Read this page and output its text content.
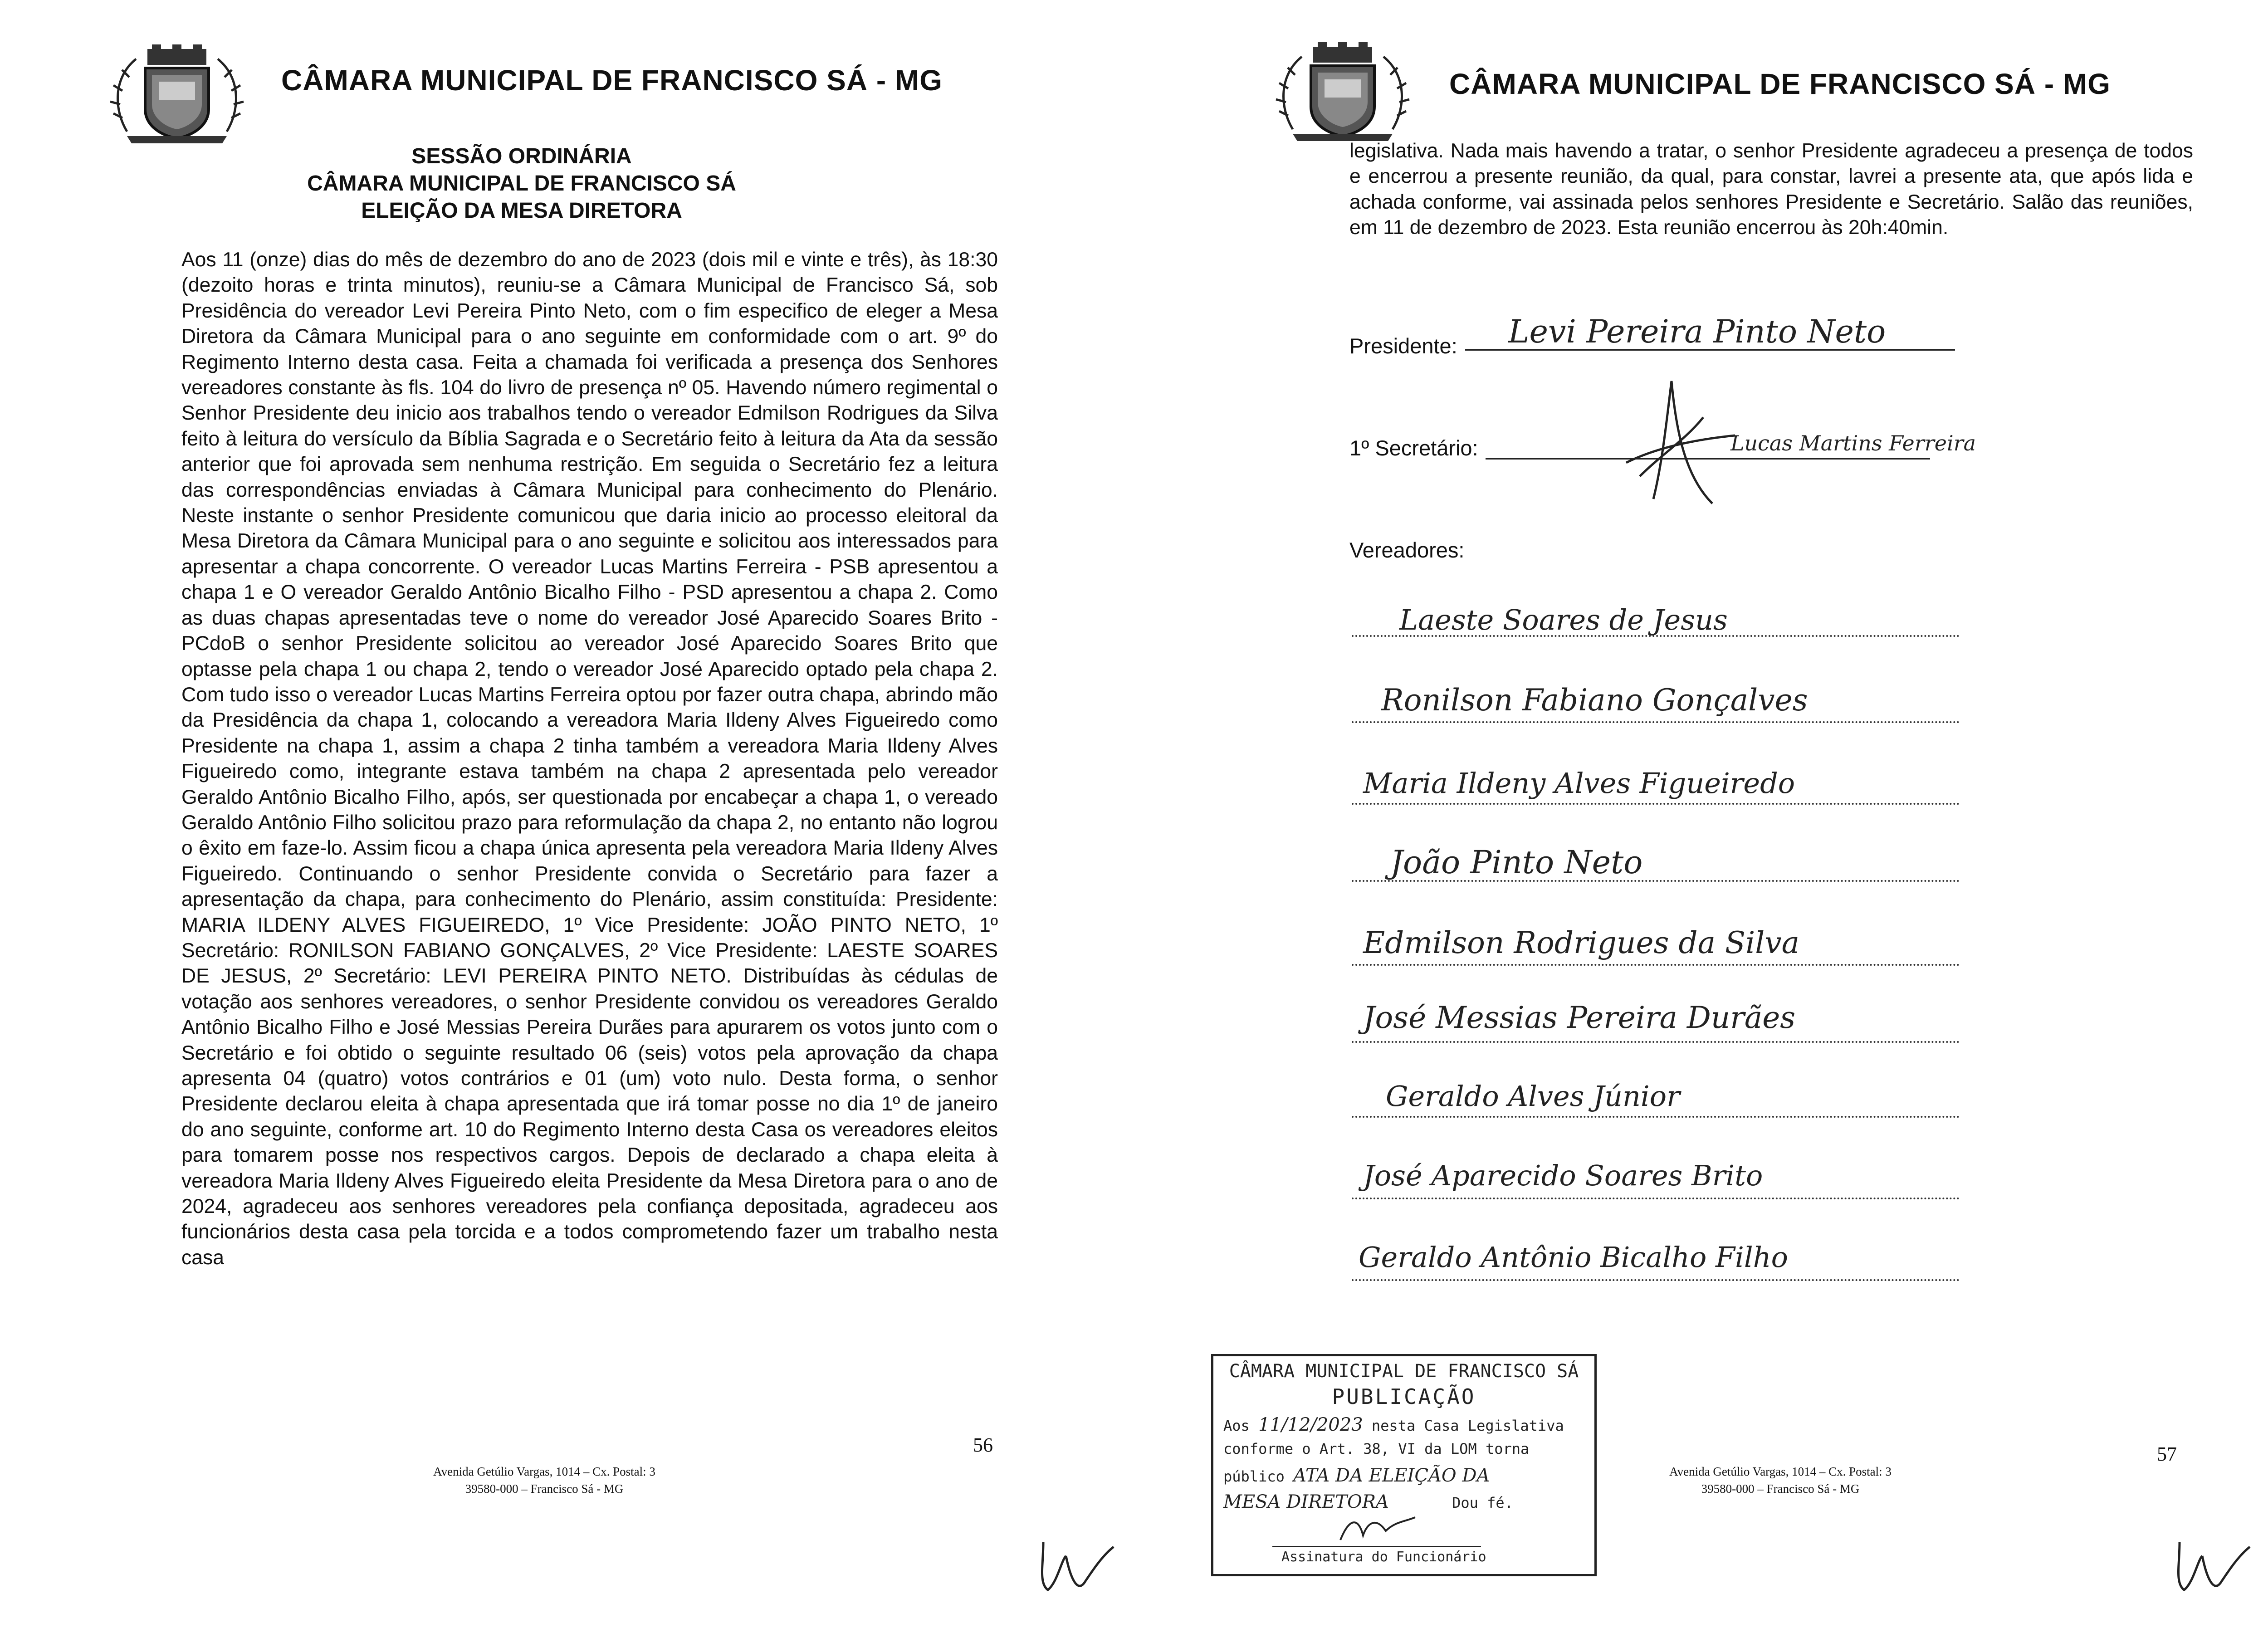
CÂMARA MUNICIPAL DE FRANCISCO SÁ - MG
SESSÃO ORDINÁRIA
CÂMARA MUNICIPAL DE FRANCISCO SÁ
ELEIÇÃO DA MESA DIRETORA
Aos 11 (onze) dias do mês de dezembro do ano de 2023 (dois mil e vinte e três), às 18:30 (dezoito horas e trinta minutos), reuniu-se a Câmara Municipal de Francisco Sá, sob Presidência do vereador Levi Pereira Pinto Neto, com o fim especifico de eleger a Mesa Diretora da Câmara Municipal para o ano seguinte em conformidade com o art. 9º do Regimento Interno desta casa. Feita a chamada foi verificada a presença dos Senhores vereadores constante às fls. 104 do livro de presença nº 05. Havendo número regimental o Senhor Presidente deu inicio aos trabalhos tendo o vereador Edmilson Rodrigues da Silva feito à leitura do versículo da Bíblia Sagrada e o Secretário feito à leitura da Ata da sessão anterior que foi aprovada sem nenhuma restrição. Em seguida o Secretário fez a leitura das correspondências enviadas à Câmara Municipal para conhecimento do Plenário. Neste instante o senhor Presidente comunicou que daria inicio ao processo eleitoral da Mesa Diretora da Câmara Municipal para o ano seguinte e solicitou aos interessados para apresentar a chapa concorrente. O vereador Lucas Martins Ferreira - PSB apresentou a chapa 1 e O vereador Geraldo Antônio Bicalho Filho - PSD apresentou a chapa 2. Como as duas chapas apresentadas teve o nome do vereador José Aparecido Soares Brito - PCdoB o senhor Presidente solicitou ao vereador José Aparecido Soares Brito que optasse pela chapa 1 ou chapa 2, tendo o vereador José Aparecido optado pela chapa 2. Com tudo isso o vereador Lucas Martins Ferreira optou por fazer outra chapa, abrindo mão da Presidência da chapa 1, colocando a vereadora Maria Ildeny Alves Figueiredo como Presidente na chapa 1, assim a chapa 2 tinha também a vereadora Maria Ildeny Alves Figueiredo como, integrante estava também na chapa 2 apresentada pelo vereador Geraldo Antônio Bicalho Filho, após, ser questionada por encabeçar a chapa 1, o vereado Geraldo Antônio Filho solicitou prazo para reformulação da chapa 2, no entanto não logrou o êxito em faze-lo. Assim ficou a chapa única apresenta pela vereadora Maria Ildeny Alves Figueiredo. Continuando o senhor Presidente convida o Secretário para fazer a apresentação da chapa, para conhecimento do Plenário, assim constituída: Presidente: MARIA ILDENY ALVES FIGUEIREDO, 1º Vice Presidente: JOÃO PINTO NETO, 1º Secretário: RONILSON FABIANO GONÇALVES, 2º Vice Presidente: LAESTE SOARES DE JESUS, 2º Secretário: LEVI PEREIRA PINTO NETO. Distribuídas às cédulas de votação aos senhores vereadores, o senhor Presidente convidou os vereadores Geraldo Antônio Bicalho Filho e José Messias Pereira Durães para apurarem os votos junto com o Secretário e foi obtido o seguinte resultado 06 (seis) votos pela aprovação da chapa apresenta 04 (quatro) votos contrários e 01 (um) voto nulo. Desta forma, o senhor Presidente declarou eleita à chapa apresentada que irá tomar posse no dia 1º de janeiro do ano seguinte, conforme art. 10 do Regimento Interno desta Casa os vereadores eleitos para tomarem posse nos respectivos cargos. Depois de declarado a chapa eleita à vereadora Maria Ildeny Alves Figueiredo eleita Presidente da Mesa Diretora para o ano de 2024, agradeceu aos senhores vereadores pela confiança depositada, agradeceu aos funcionários desta casa pela torcida e a todos comprometendo fazer um trabalho nesta casa
56
Avenida Getúlio Vargas, 1014 – Cx. Postal: 3
39580-000 – Francisco Sá - MG
CÂMARA MUNICIPAL DE FRANCISCO SÁ - MG
legislativa. Nada mais havendo a tratar, o senhor Presidente agradeceu a presença de todos e encerrou a presente reunião, da qual, para constar, lavrei a presente ata, que após lida e achada conforme, vai assinada pelos senhores Presidente e Secretário. Salão das reuniões, em 11 de dezembro de 2023. Esta reunião encerrou às 20h:40min.
Presidente: Levi Pereira Pinto Neto
1º Secretário:	Lucas Martins Ferreira
Vereadores:
Laeste Soares de Jesus
Ronilson Fabiano Gonçalves
Maria Ildeny Alves Figueiredo
João Pinto Neto
Edmilson Rodrigues da Silva
José Messias Pereira Durães
Geraldo Alves Júnior
José Aparecido Soares Brito
Geraldo Antônio Bicalho Filho
57
Avenida Getúlio Vargas, 1014 – Cx. Postal: 3
39580-000 – Francisco Sá - MG
CÂMARA MUNICIPAL DE FRANCISCO SÁ
PUBLICAÇÃO
Aos 11/12/2023 nesta Casa Legislativa
conforme o Art. 38, VI da LOM torna
público ATA DA ELEIÇÃO DA
MESA DIRETORA	Dou fé.
Assinatura do Funcionário
